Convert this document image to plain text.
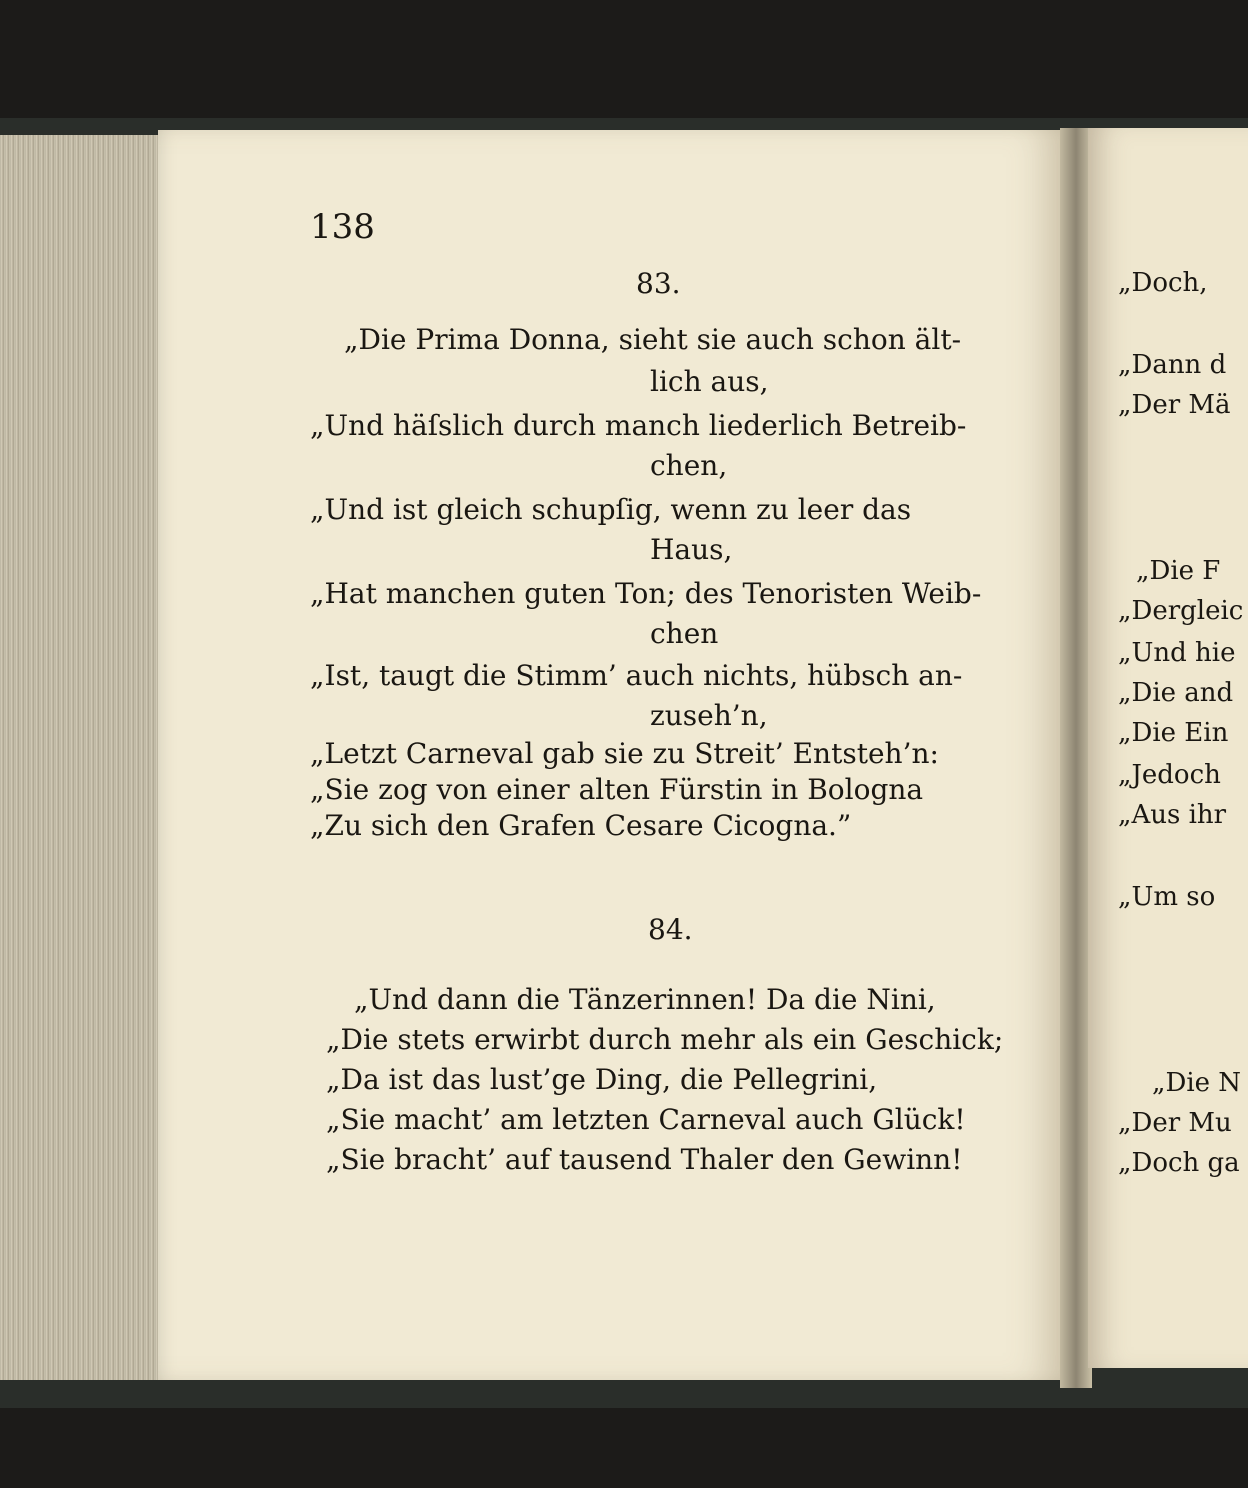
138
83.
„Die Prima Donna, sieht sie auch schon ält-
lich aus,
„Und häſslich durch manch liederlich Betreib-
chen,
„Und ist gleich schupſig, wenn zu leer das
Haus,
„Hat manchen guten Ton; des Tenoristen Weib-
chen
„Ist, taugt die Stimm’ auch nichts, hübsch an-
zuseh’n,
„Letzt Carneval gab sie zu Streit’ Entsteh’n:
„Sie zog von einer alten Fürstin in Bologna
„Zu sich den Grafen Cesare Cicogna.”
84.
„Und dann die Tänzerinnen! Da die Nini,
„Die stets erwirbt durch mehr als ein Geschick;
„Da ist das lust’ge Ding, die Pellegrini,
„Sie macht’ am letzten Carneval auch Glück!
„Sie bracht’ auf tausend Thaler den Gewinn!
„Doch,
„Dann d
„Der Mä
„Die F
„Dergleic
„Und hie
„Die and
„Die Ein
„Jedoch
„Aus ihr
„Um so
„Die N
„Der Mu
„Doch ga
